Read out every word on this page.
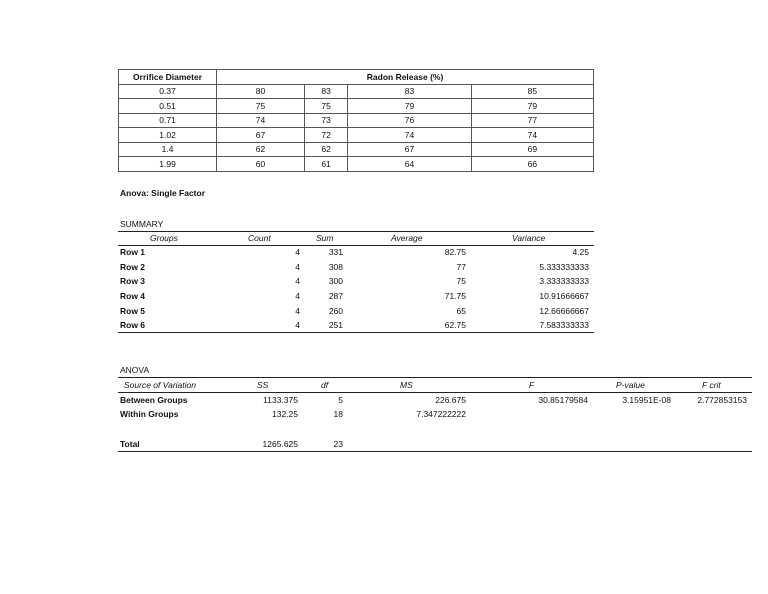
Orrifice Diameter	Radon Release (%)			
0.37	80	83	83	85
0.51	75	75	79	79
0.71	74	73	76	77
1.02	67	72	74	74
1.4	62	62	67	69
1.99	60	61	64	66
Anova: Single Factor
SUMMARY
Groups	Count	Sum	Average	Variance
Row 1	4	331	82.75	4.25
Row 2	4	308	77	5.333333333
Row 3	4	300	75	3.333333333
Row 4	4	287	71.75	10.91666667
Row 5	4	260	65	12.66666667
Row 6	4	251	62.75	7.583333333
ANOVA
Source of Variation	SS	df	MS	F	P-value	F crit
Between Groups	1133.375	5	226.675	30.85179584	3.15951E-08	2.772853153
Within Groups	132.25	18	7.347222222
Total	1265.625	23
